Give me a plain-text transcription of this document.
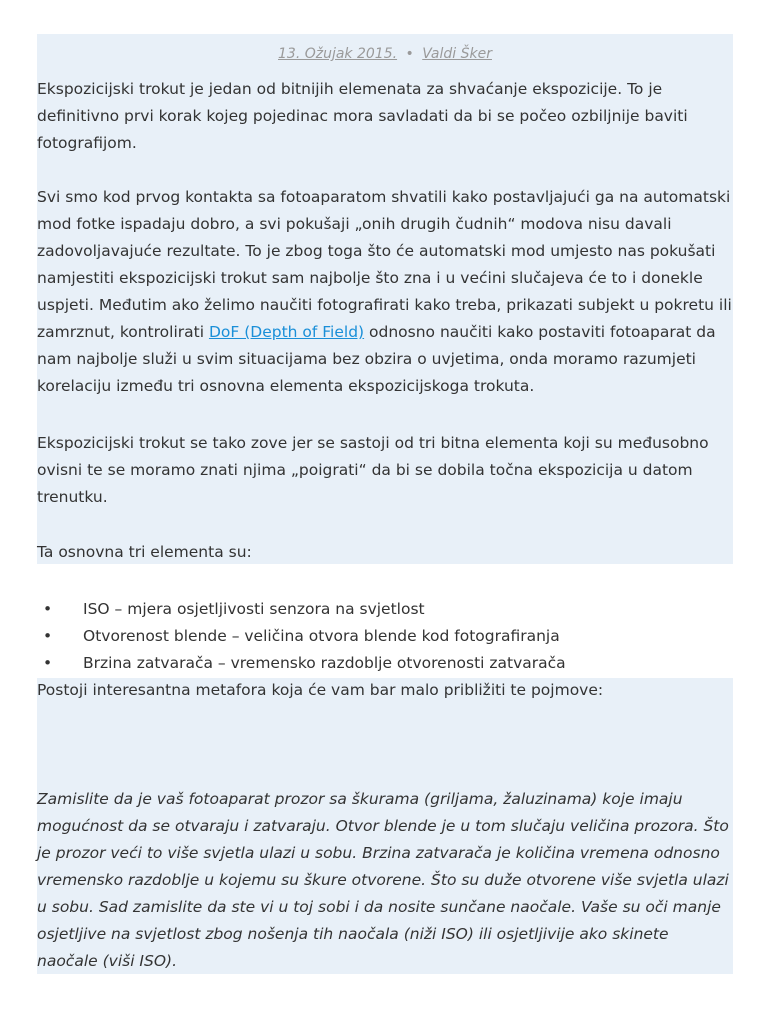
13. Ožujak 2015. • Valdi Šker

Ekspozicijski trokut je jedan od bitnijih elemenata za shvaćanje ekspozicije. To je definitivno prvi korak kojeg pojedinac mora savladati da bi se počeo ozbiljnije baviti fotografijom.

Svi smo kod prvog kontakta sa fotoaparatom shvatili kako postavljajući ga na automatski mod fotke ispadaju dobro, a svi pokušaji „onih drugih čudnih“ modova nisu davali zadovoljavajuće rezultate. To je zbog toga što će automatski mod umjesto nas pokušati namjestiti ekspozicijski trokut sam najbolje što zna i u većini slučajeva će to i donekle uspjeti. Međutim ako želimo naučiti fotografirati kako treba, prikazati subjekt u pokretu ili zamrznut, kontrolirati DoF (Depth of Field) odnosno naučiti kako postaviti fotoaparat da nam najbolje služi u svim situacijama bez obzira o uvjetima, onda moramo razumjeti korelaciju između tri osnovna elementa ekspozicijskoga trokuta.

Ekspozicijski trokut se tako zove jer se sastoji od tri bitna elementa koji su međusobno ovisni te se moramo znati njima „poigrati“ da bi se dobila točna ekspozicija u datom trenutku.

Ta osnovna tri elementa su:

• ISO – mjera osjetljivosti senzora na svjetlost
• Otvorenost blende – veličina otvora blende kod fotografiranja
• Brzina zatvarača – vremensko razdoblje otvorenosti zatvarača

Postoji interesantna metafora koja će vam bar malo približiti te pojmove:

Zamislite da je vaš fotoaparat prozor sa škurama (griljama, žaluzinama) koje imaju mogućnost da se otvaraju i zatvaraju. Otvor blende je u tom slučaju veličina prozora. Što je prozor veći to više svjetla ulazi u sobu. Brzina zatvarača je količina vremena odnosno vremensko razdoblje u kojemu su škure otvorene. Što su duže otvorene više svjetla ulazi u sobu. Sad zamislite da ste vi u toj sobi i da nosite sunčane naočale. Vaše su oči manje osjetljive na svjetlost zbog nošenja tih naočala (niži ISO) ili osjetljivije ako skinete naočale (viši ISO).
